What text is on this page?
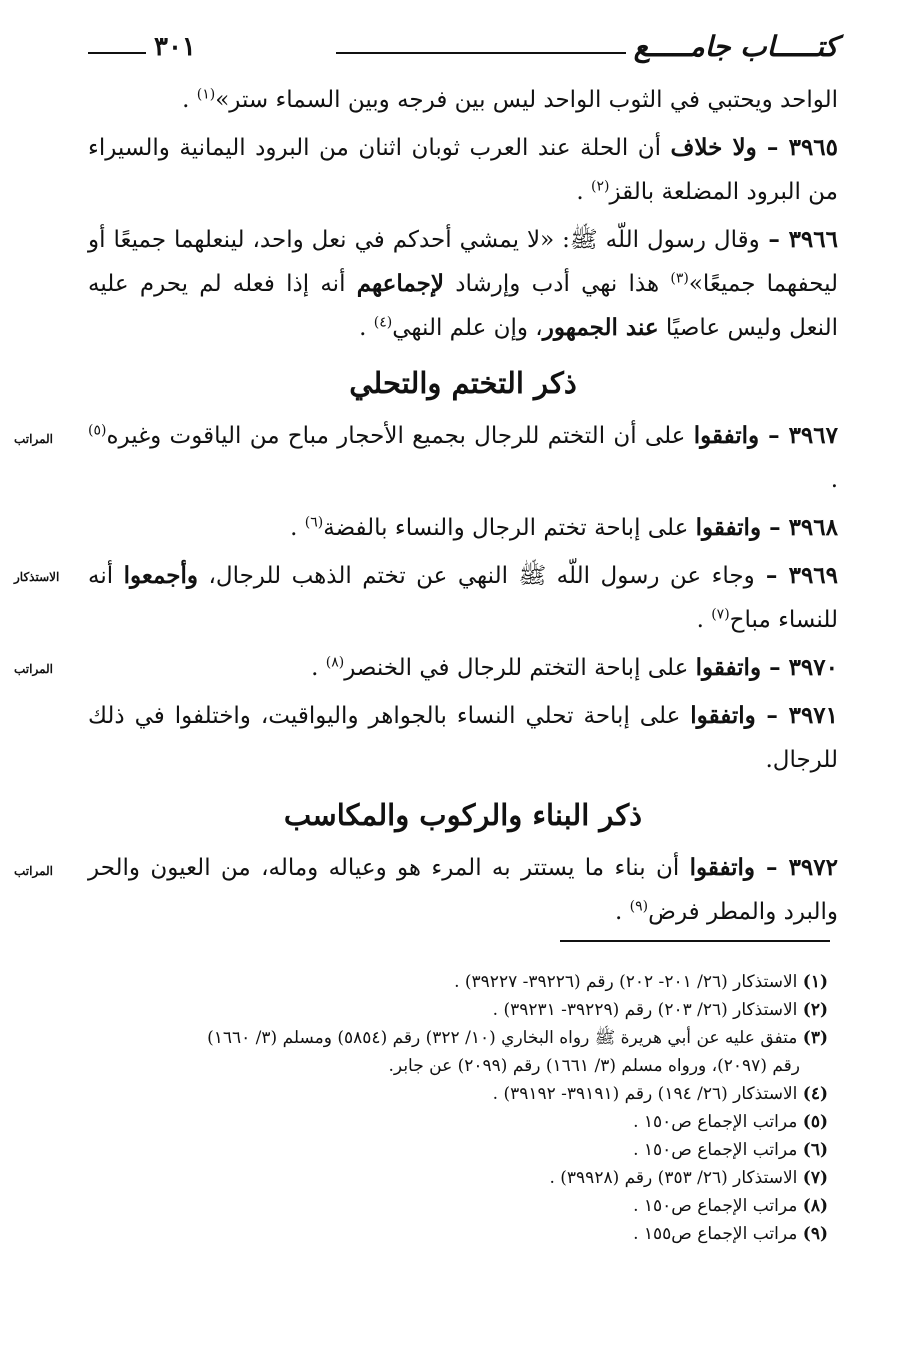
٣٠١	كتـــــاب جامـــــع

الواحد ويحتبي في الثوب الواحد ليس بين فرجه وبين السماء ستر»$^{(١)}$ .

٣٩٦٥ – ولا خلاف أن الحلة عند العرب ثوبان اثنان من البرود اليمانية والسيراء من البرود المضلعة بالقز$^{(٢)}$ .

٣٩٦٦ – وقال رسول اللّه ﷺ: «لا يمشي أحدكم في نعل واحد، لينعلهما جميعًا أو ليحفهما جميعًا»$^{(٣)}$ هذا نهي أدب وإرشاد لإجماعهم أنه إذا فعله لم يحرم عليه النعل وليس عاصيًا عند الجمهور، وإن علم النهي$^{(٤)}$ .

ذكر التختم والتحلي

٣٩٦٧ – واتفقوا على أن التختم للرجال بجميع الأحجار مباح من الياقوت وغيره$^{(٥)}$ .

٣٩٦٨ – واتفقوا على إباحة تختم الرجال والنساء بالفضة$^{(٦)}$ .

٣٩٦٩ – وجاء عن رسول اللّه ﷺ النهي عن تختم الذهب للرجال، وأجمعوا أنه للنساء مباح$^{(٧)}$ .

٣٩٧٠ – واتفقوا على إباحة التختم للرجال في الخنصر$^{(٨)}$ .

٣٩٧١ – واتفقوا على إباحة تحلي النساء بالجواهر واليواقيت، واختلفوا في ذلك للرجال.

ذكر البناء والركوب والمكاسب

٣٩٧٢ – واتفقوا أن بناء ما يستتر به المرء هو وعياله وماله، من العيون والحر والبرد والمطر فرض$^{(٩)}$ .

المراتب
الاستذكار
المراتب
المراتب

(١) الاستذكار (٢٦/ ٢٠١- ٢٠٢) رقم (٣٩٢٢٦- ٣٩٢٢٧) .

(٢) الاستذكار (٢٦/ ٢٠٣) رقم (٣٩٢٢٩- ٣٩٢٣١) .

(٣) متفق عليه عن أبي هريرة ﷺ رواه البخاري (١٠/ ٣٢٢) رقم (٥٨٥٤) ومسلم (٣/ ١٦٦٠)

رقم (٢٠٩٧)، ورواه مسلم (٣/ ١٦٦١) رقم (٢٠٩٩) عن جابر.

(٤) الاستذكار (٢٦/ ١٩٤) رقم (٣٩١٩١- ٣٩١٩٢) .

(٥) مراتب الإجماع ص١٥٠ .

(٦) مراتب الإجماع ص١٥٠ .

(٧) الاستذكار (٢٦/ ٣٥٣) رقم (٣٩٩٢٨) .

(٨) مراتب الإجماع ص١٥٠ .

(٩) مراتب الإجماع ص١٥٥ .
